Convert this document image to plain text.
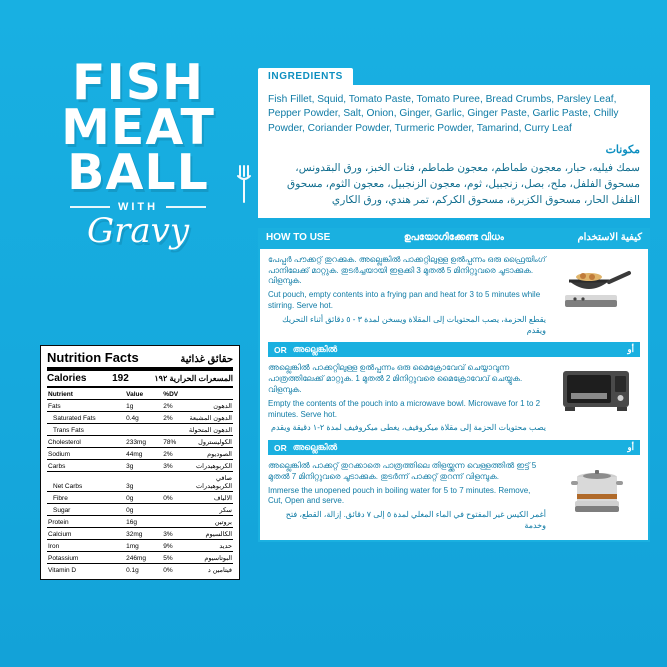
FISH
MEAT
BALL
WITH
Gravy
Nutrition Facts	حقائق غذائية
Calories	192	المسعرات الحرارية ١٩٢
Nutrient	Value	%DV	
Fats	1g	2%	الدهون
Saturated Fats	0.4g	2%	الدهون المشبعة
Trans Fats			الدهون المتحولة
Cholesterol	233mg	78%	الكوليسترول
Sodium	44mg	2%	الصوديوم
Carbs	3g	3%	الكربوهيدرات
Net Carbs	3g		صافي الكربوهيدرات
Fibre	0g	0%	الالياف
Sugar	0g		سكر
Protein	16g		بروتين
Calcium	32mg	3%	الكالسيوم
Iron	1mg	9%	حديد
Potassium	246mg	5%	البوتاسيوم
Vitamin D	0.1g	0%	فيتامين د
INGREDIENTS
Fish Fillet, Squid, Tomato Paste, Tomato Puree, Bread Crumbs, Parsley Leaf, Pepper Powder, Salt, Onion, Ginger, Garlic, Ginger Paste, Garlic Paste, Chilly Powder, Coriander Powder, Turmeric Powder, Tamarind, Curry Leaf
مكونات
سمك فيليه، حبار، معجون طماطم، معجون طماطم، فتات الخبز، ورق البقدونس، مسحوق الفلفل، ملح، بصل، زنجبيل، ثوم، معجون الزنجبيل، معجون الثوم، مسحوق الفلفل الحار، مسحوق الكزبرة، مسحوق الكركم، تمر هندي، ورق الكاري
HOW TO USE	ഉപയോഗിക്കേണ്ട വിധം	كيفية الاستخدام
പേപ്പർ പൗക്കറ്റ് തുറക്കുക. അല്ലെങ്കിൽ പാക്കറ്റിലുള്ള ഉൽപ്പന്നം ഒരു ഫ്രൈയിംഗ് പാനിലേക്ക് മാറ്റുക. തുടർച്ചയായി ഇളക്കി 3 മുതൽ 5 മിനിറ്റുവരെ ചൂടാക്കുക. വിളമ്പുക.
Cut pouch, empty contents into a frying pan and heat for 3 to 5 minutes while stirring. Serve hot.
يقطع الحزمة، يصب المحتويات إلى المقلاة ويسخن لمدة ٣ - ٥ دقائق أثناء التحريك ويقدم
OR അല്ലെങ്കിൽ	أو
അല്ലെങ്കിൽ പാക്കറ്റിലുള്ള ഉൽപ്പന്നം ഒരു മൈക്രോവേവ് ചെയ്യാവുന്ന പാത്രത്തിലേക്ക് മാറ്റുക. 1 മുതൽ 2 മിനിറ്റുവരെ മൈക്രോവേവ് ചെയ്യുക. വിളമ്പുക.
Empty the contents of the pouch into a microwave bowl. Microwave for 1 to 2 minutes. Serve hot.
يصب محتويات الحزمة إلى مقلاة ميكروفيف، يغطى ميكروفيف لمدة ٢-١ دقيقة ويقدم
OR അല്ലെങ്കിൽ	أو
അല്ലെങ്കിൽ പാക്കറ്റ് തുറക്കാതെ പാത്രത്തിലെ തിളയ്ക്കുന്ന വെള്ളത്തിൽ ഇട്ട് 5 മുതൽ 7 മിനിറ്റുവരെ ചൂടാക്കുക. തുടർന്ന് പാക്കറ്റ് തുറന്ന് വിളമ്പുക.
Immerse the unopened pouch in boiling water for 5 to 7 minutes. Remove, Cut, Open and serve.
أغمر الكيس غير المفتوح في الماء المغلي لمدة ٥ إلى ٧ دقائق. إزالة، القطع، فتح وخدمة
